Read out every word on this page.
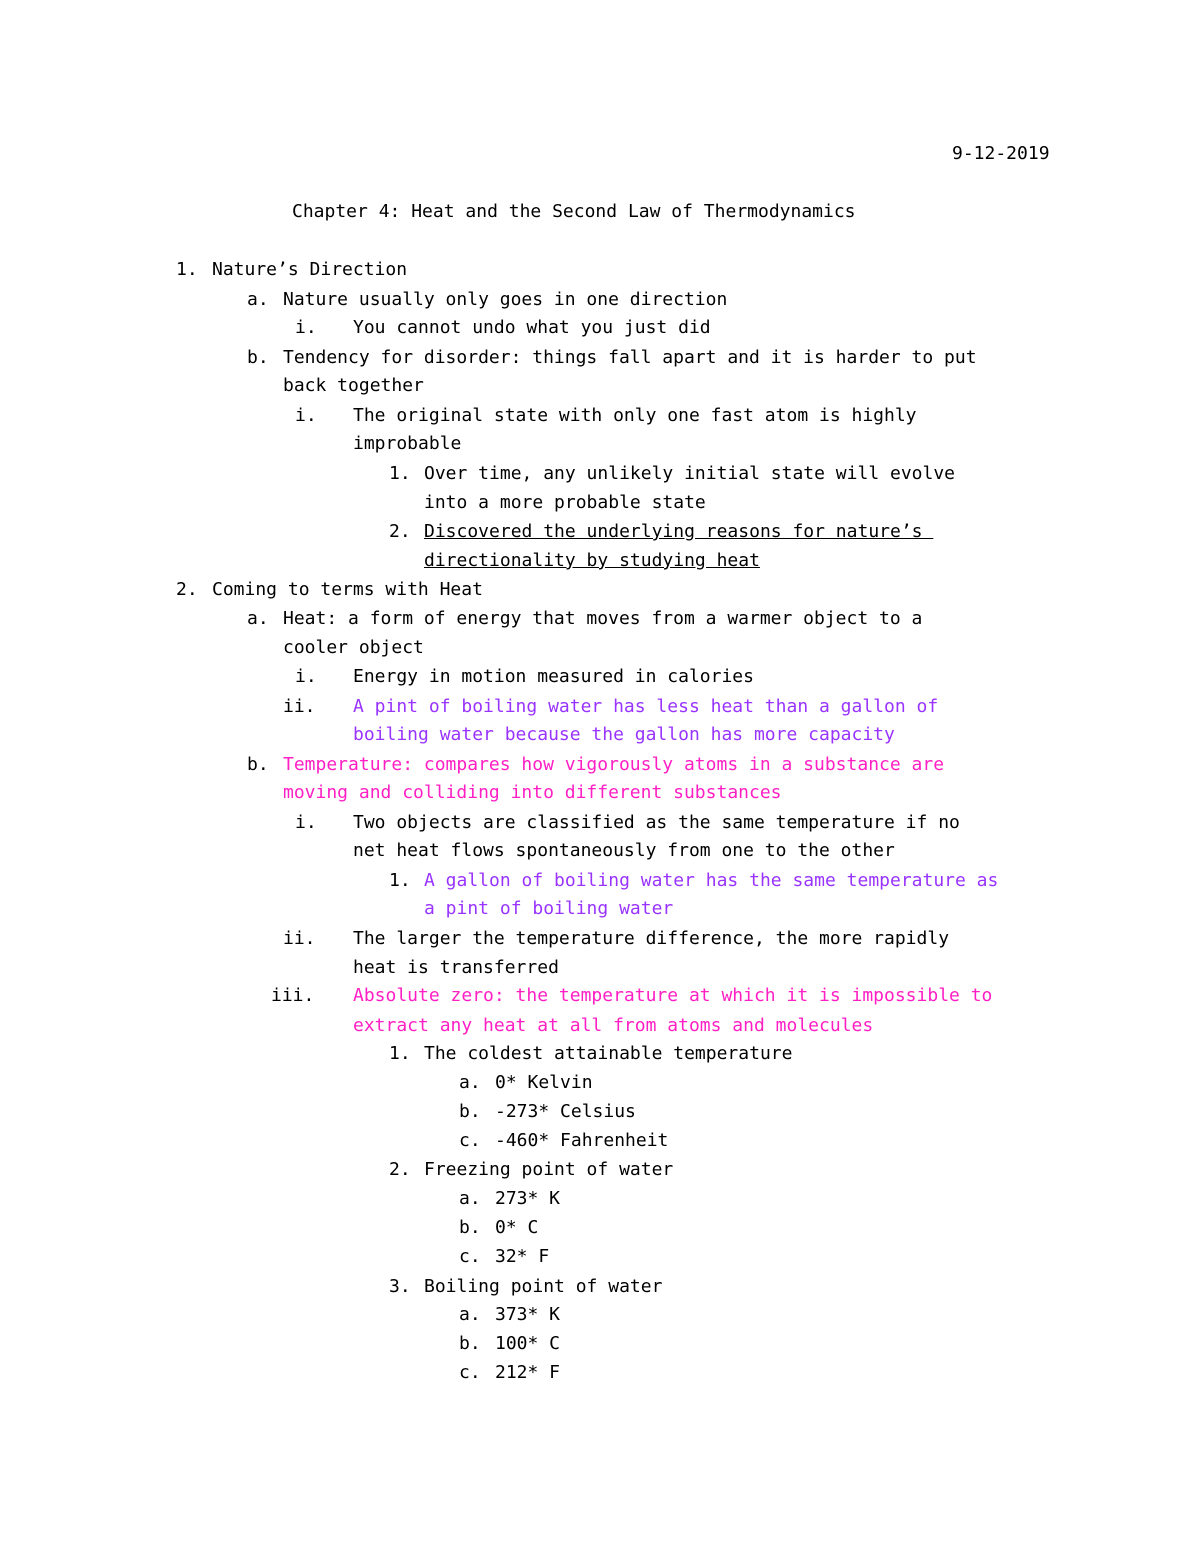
9-12-2019
Chapter 4: Heat and the Second Law of Thermodynamics
1. Nature’s Direction
a. Nature usually only goes in one direction
i. You cannot undo what you just did
b. Tendency for disorder: things fall apart and it is harder to put
back together
i. The original state with only one fast atom is highly
improbable
1. Over time, any unlikely initial state will evolve
into a more probable state
2. Discovered the underlying reasons for nature’s
directionality by studying heat
2. Coming to terms with Heat
a. Heat: a form of energy that moves from a warmer object to a
cooler object
i. Energy in motion measured in calories
ii. A pint of boiling water has less heat than a gallon of
boiling water because the gallon has more capacity
b. Temperature: compares how vigorously atoms in a substance are
moving and colliding into different substances
i. Two objects are classified as the same temperature if no
net heat flows spontaneously from one to the other
1. A gallon of boiling water has the same temperature as
a pint of boiling water
ii. The larger the temperature difference, the more rapidly
heat is transferred
iii. Absolute zero: the temperature at which it is impossible to
extract any heat at all from atoms and molecules
1. The coldest attainable temperature
a. 0* Kelvin
b. -273* Celsius
c. -460* Fahrenheit
2. Freezing point of water
a. 273* K
b. 0* C
c. 32* F
3. Boiling point of water
a. 373* K
b. 100* C
c. 212* F
